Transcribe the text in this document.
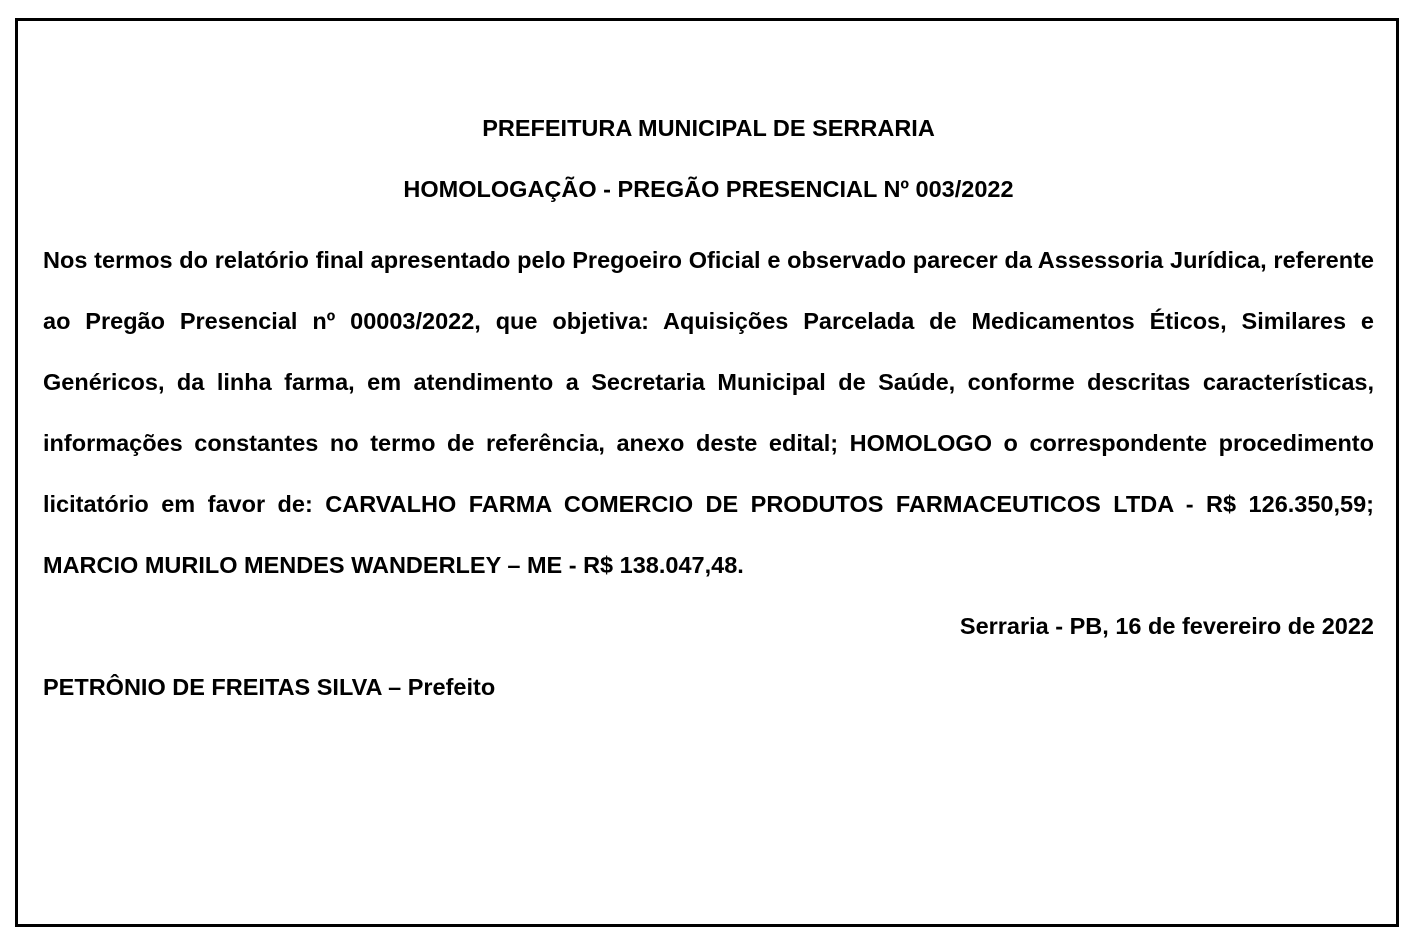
PREFEITURA MUNICIPAL DE SERRARIA
HOMOLOGAÇÃO - PREGÃO PRESENCIAL Nº 003/2022
Nos termos do relatório final apresentado pelo Pregoeiro Oficial e observado parecer da Assessoria Jurídica, referente ao Pregão Presencial nº 00003/2022, que objetiva: Aquisições Parcelada de Medicamentos Éticos, Similares e Genéricos, da linha farma, em atendimento a Secretaria Municipal de Saúde, conforme descritas características, informações constantes no termo de referência, anexo deste edital; HOMOLOGO o correspondente procedimento licitatório em favor de: CARVALHO FARMA COMERCIO DE PRODUTOS FARMACEUTICOS LTDA - R$ 126.350,59; MARCIO MURILO MENDES WANDERLEY – ME - R$ 138.047,48.
Serraria - PB, 16 de fevereiro de 2022
PETRÔNIO DE FREITAS SILVA – Prefeito
